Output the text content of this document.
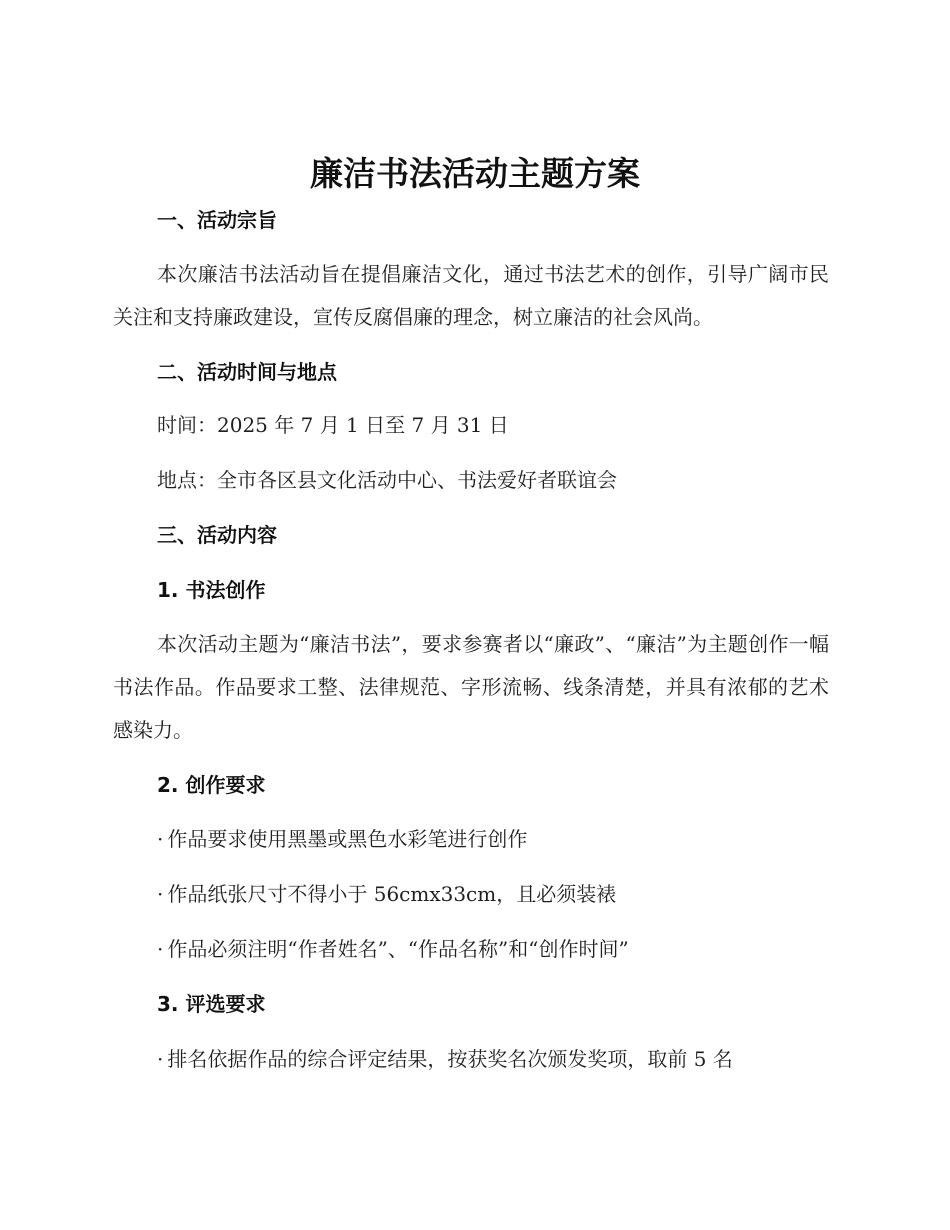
廉洁书法活动主题方案
一、活动宗旨
本次廉洁书法活动旨在提倡廉洁文化，通过书法艺术的创作，引导广阔市民关注和支持廉政建设，宣传反腐倡廉的理念，树立廉洁的社会风尚。
二、活动时间与地点
时间：2025 年 7 月 1 日至 7 月 31 日
地点：全市各区县文化活动中心、书法爱好者联谊会
三、活动内容
1. 书法创作
本次活动主题为“廉洁书法”，要求参赛者以“廉政”、“廉洁”为主题创作一幅书法作品。作品要求工整、法律规范、字形流畅、线条清楚，并具有浓郁的艺术感染力。
2. 创作要求
· 作品要求使用黑墨或黑色水彩笔进行创作
· 作品纸张尺寸不得小于 56cmx33cm，且必须装裱
· 作品必须注明“作者姓名”、“作品名称”和“创作时间”
3. 评选要求
· 排名依据作品的综合评定结果，按获奖名次颁发奖项，取前 5 名
